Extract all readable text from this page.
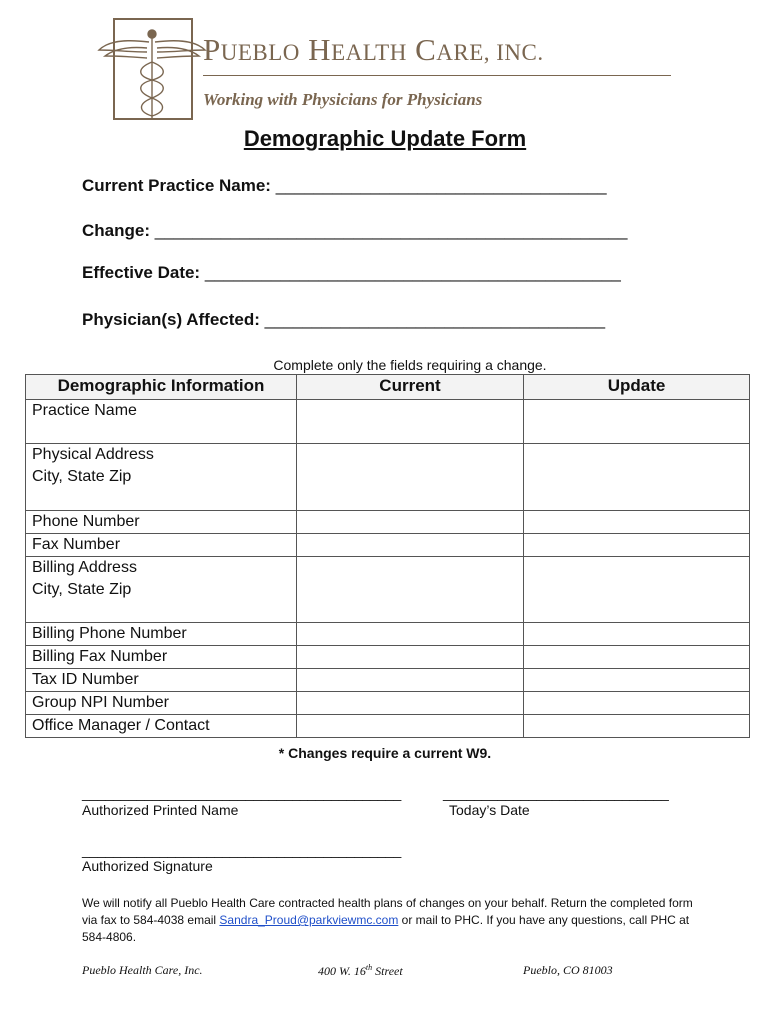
PUEBLO HEALTH CARE, INC.
Working with Physicians for Physicians
Demographic Update Form
Current Practice Name: ___________________________________
Change: __________________________________________________
Effective Date: ____________________________________________
Physician(s) Affected: ____________________________________
Complete only the fields requiring a change.
Demographic Information	Current	Update
Practice Name		
Physical Address
City, State Zip		
Phone Number		
Fax Number		
Billing Address
City, State Zip		
Billing Phone Number		
Billing Fax Number		
Tax ID Number		
Group NPI Number		
Office Manager / Contact		
* Changes require a current W9.
_________________________________________
Authorized Printed Name
_____________________________
Today’s Date
_________________________________________
Authorized Signature
We will notify all Pueblo Health Care contracted health plans of changes on your behalf. Return the completed form via fax to 584-4038 email Sandra_Proud@parkviewmc.com or mail to PHC. If you have any questions, call PHC at 584-4806.
Pueblo Health Care, Inc.	400 W. 16th Street	Pueblo, CO 81003
